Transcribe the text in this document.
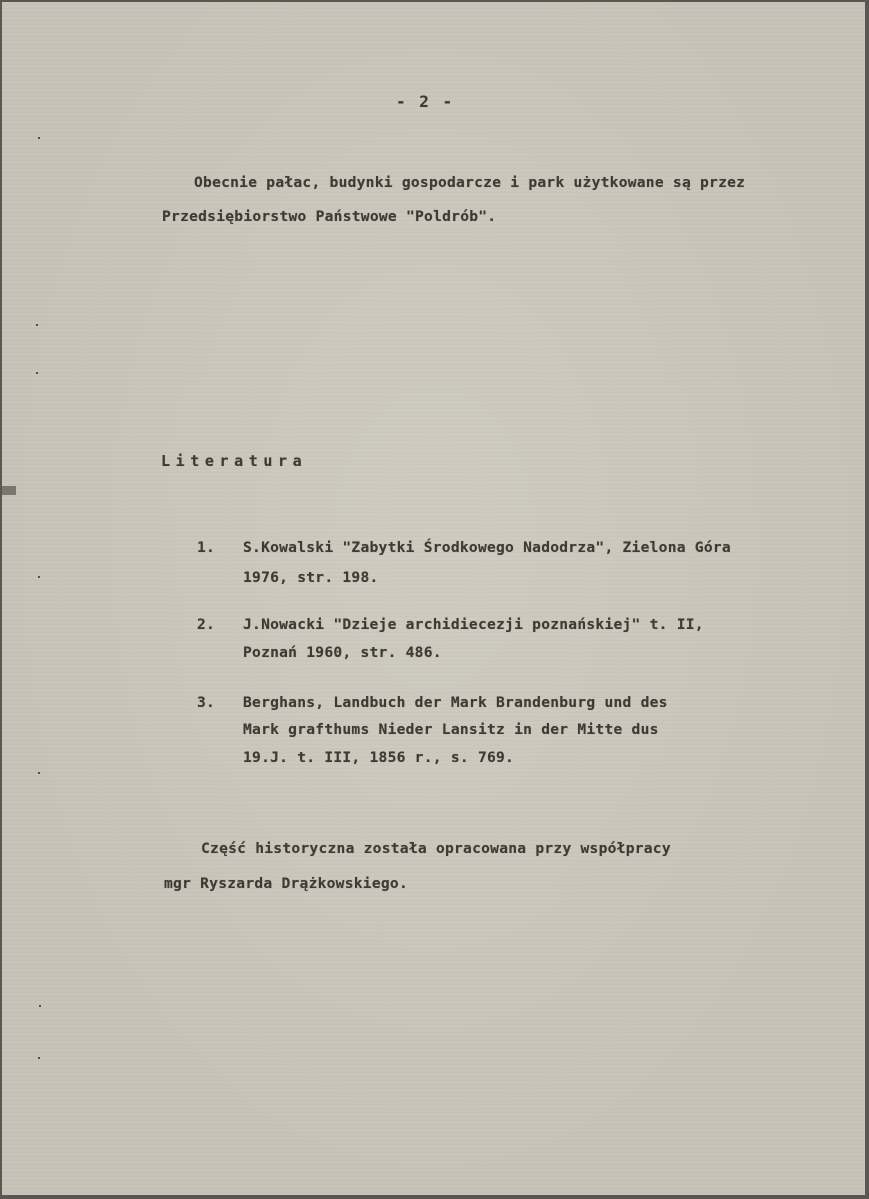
- 2 -

Obecnie pałac, budynki gospodarcze i park użytkowane są przez

Przedsiębiorstwo Państwowe "Poldrób".

Literatura

1. S.Kowalski "Zabytki Środkowego Nadodrza", Zielona Góra

1976, str. 198.

2. J.Nowacki "Dzieje archidiecezji poznańskiej" t. II,

Poznań 1960, str. 486.

3. Berghans, Landbuch der Mark Brandenburg und des

Mark grafthums Nieder Lansitz in der Mitte dus

19.J. t. III, 1856 r., s. 769.

Część historyczna została opracowana przy współpracy

mgr Ryszarda Drążkowskiego.
